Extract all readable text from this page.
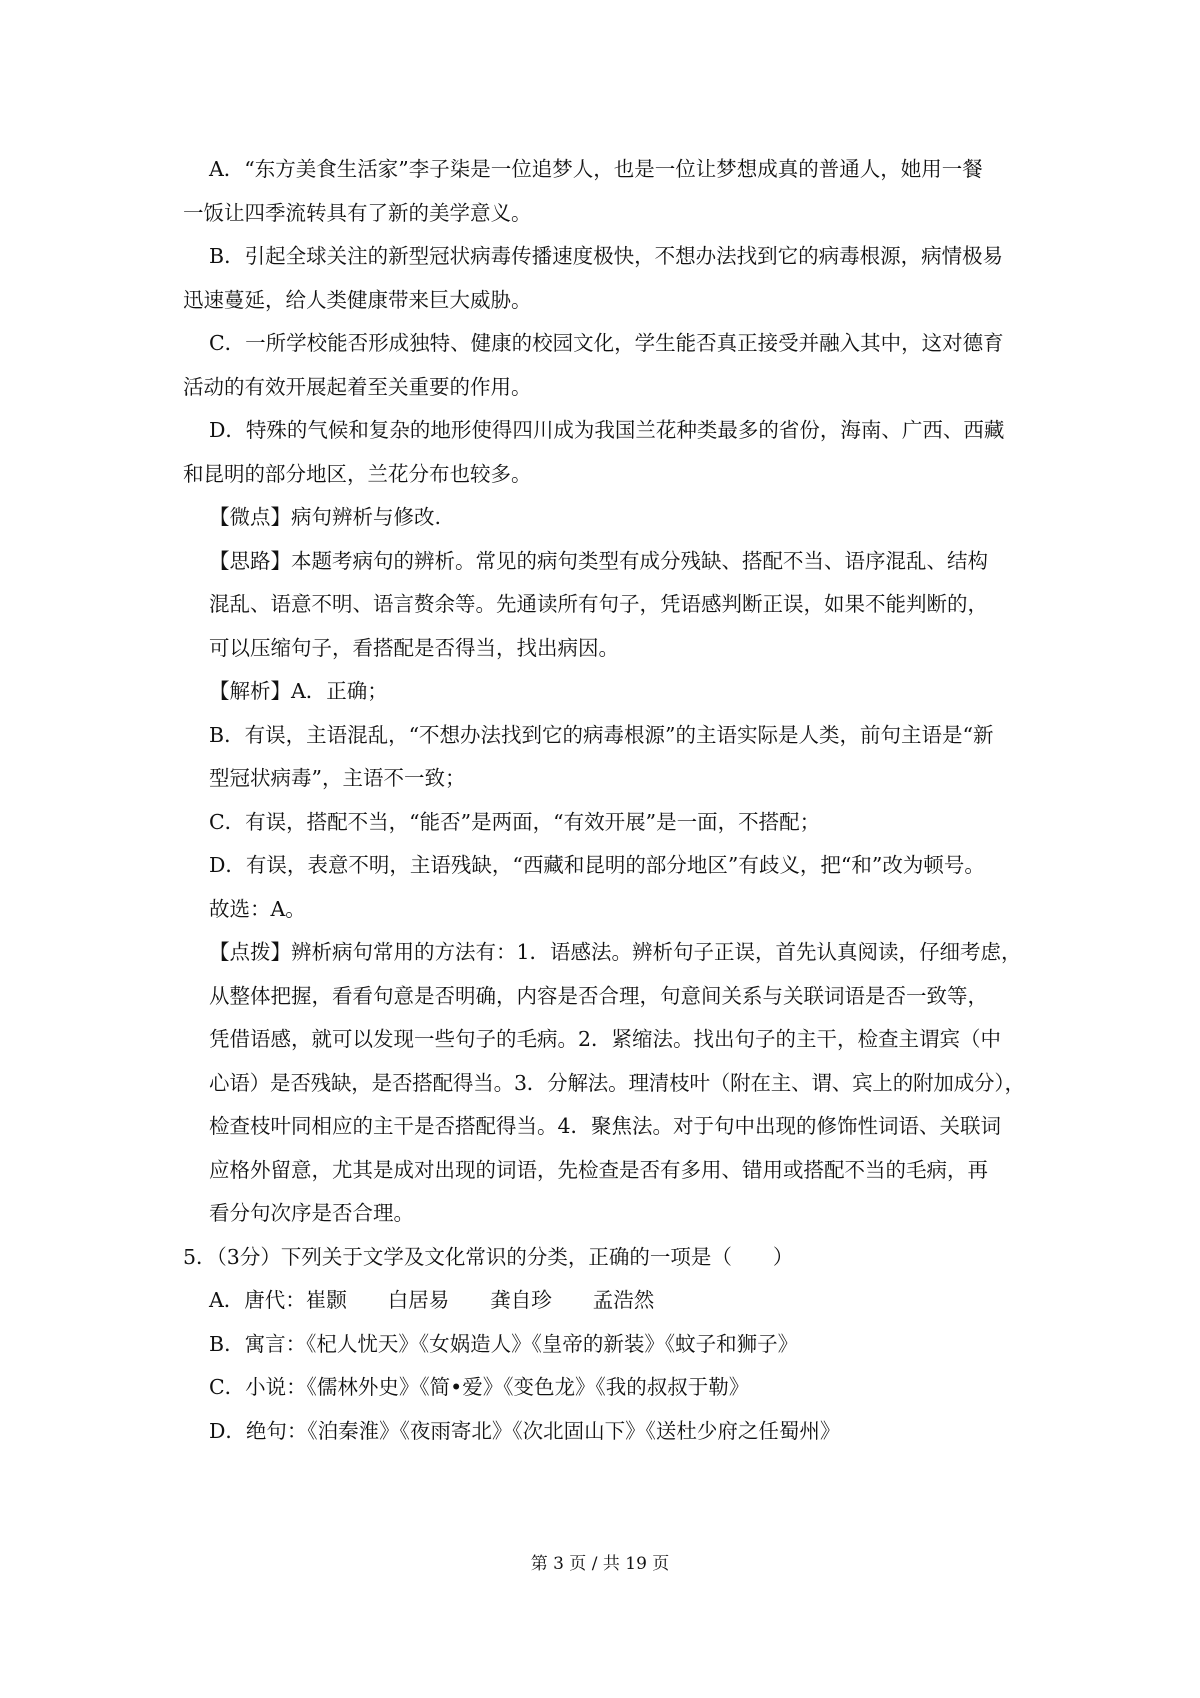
A．“东方美食生活家”李子柒是一位追梦人，也是一位让梦想成真的普通人，她用一餐

一饭让四季流转具有了新的美学意义。

B．引起全球关注的新型冠状病毒传播速度极快，不想办法找到它的病毒根源，病情极易

迅速蔓延，给人类健康带来巨大威胁。

C．一所学校能否形成独特、健康的校园文化，学生能否真正接受并融入其中，这对德育

活动的有效开展起着至关重要的作用。

D．特殊的气候和复杂的地形使得四川成为我国兰花种类最多的省份，海南、广西、西藏

和昆明的部分地区，兰花分布也较多。

【微点】病句辨析与修改.

【思路】本题考病句的辨析。常见的病句类型有成分残缺、搭配不当、语序混乱、结构

混乱、语意不明、语言赘余等。先通读所有句子，凭语感判断正误，如果不能判断的，

可以压缩句子，看搭配是否得当，找出病因。

【解析】A．正确；

B．有误，主语混乱，“不想办法找到它的病毒根源”的主语实际是人类，前句主语是“新

型冠状病毒”，主语不一致；

C．有误，搭配不当，“能否”是两面，“有效开展”是一面，不搭配；

D．有误，表意不明，主语残缺，“西藏和昆明的部分地区”有歧义，把“和”改为顿号。

故选：A。

【点拨】辨析病句常用的方法有：1．语感法。辨析句子正误，首先认真阅读，仔细考虑，

从整体把握，看看句意是否明确，内容是否合理，句意间关系与关联词语是否一致等，

凭借语感，就可以发现一些句子的毛病。2．紧缩法。找出句子的主干，检查主谓宾（中

心语）是否残缺，是否搭配得当。3．分解法。理清枝叶（附在主、谓、宾上的附加成分），

检查枝叶同相应的主干是否搭配得当。4．聚焦法。对于句中出现的修饰性词语、关联词

应格外留意，尤其是成对出现的词语，先检查是否有多用、错用或搭配不当的毛病，再

看分句次序是否合理。

5．（3分）下列关于文学及文化常识的分类，正确的一项是（　　）

A．唐代：崔颢　　白居易　　龚自珍　　孟浩然

B．寓言：《杞人忧天》《女娲造人》《皇帝的新装》《蚊子和狮子》

C．小说：《儒林外史》《简•爱》《变色龙》《我的叔叔于勒》

D．绝句：《泊秦淮》《夜雨寄北》《次北固山下》《送杜少府之任蜀州》

第 3 页 / 共 19 页
